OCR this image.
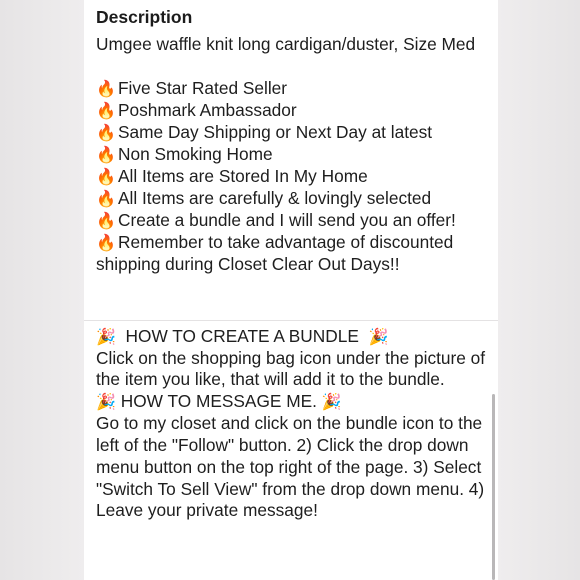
Description

Umgee waffle knit long cardigan/duster, Size Med

🔥 Five Star Rated Seller
🔥 Poshmark Ambassador
🔥 Same Day Shipping or Next Day at latest
🔥 Non Smoking Home
🔥 All Items are Stored In My Home
🔥 All Items are carefully & lovingly selected
🔥 Create a bundle and I will send you an offer!
🔥 Remember to take advantage of discounted shipping during Closet Clear Out Days!!
🎉 HOW TO CREATE A BUNDLE 🎉

Click on the shopping bag icon under the picture of the item you like, that will add it to the bundle.

🎉 HOW TO MESSAGE ME. 🎉

Go to my closet and click on the bundle icon to the left of the "Follow" button. 2) Click the drop down menu button on the top right of the page. 3) Select "Switch To Sell View" from the drop down menu. 4) Leave your private message!
